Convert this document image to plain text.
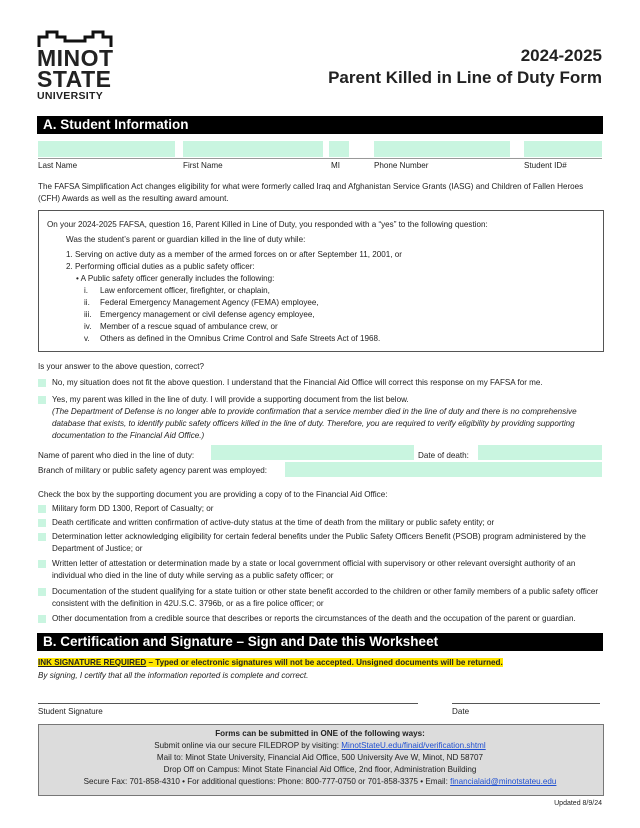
MINOT
STATE
UNIVERSITY
2024-2025
Parent Killed in Line of Duty Form
A. Student Information
Last Name	First Name	MI	Phone Number	Student ID#
The FAFSA Simplification Act changes eligibility for what were formerly called Iraq and Afghanistan Service Grants (IASG) and Children of Fallen Heroes (CFH) Awards as well as the resulting award amount.
On your 2024-2025 FAFSA, question 16, Parent Killed in Line of Duty, you responded with a “yes” to the following question:
Was the student’s parent or guardian killed in the line of duty while:
1. Serving on active duty as a member of the armed forces on or after September 11, 2001, or
2. Performing official duties as a public safety officer:
• A Public safety officer generally includes the following:
i.	Law enforcement officer, firefighter, or chaplain,
ii.	Federal Emergency Management Agency (FEMA) employee,
iii.	Emergency management or civil defense agency employee,
iv.	Member of a rescue squad of ambulance crew, or
v.	Others as defined in the Omnibus Crime Control and Safe Streets Act of 1968.
Is your answer to the above question, correct?
No, my situation does not fit the above question. I understand that the Financial Aid Office will correct this response on my FAFSA for me.
Yes, my parent was killed in the line of duty. I will provide a supporting document from the list below.
(The Department of Defense is no longer able to provide confirmation that a service member died in the line of duty and there is no comprehensive database that exists, to identify public safety officers killed in the line of duty. Therefore, you are required to verify eligibility by providing supporting documentation to the Financial Aid Office.)
Name of parent who died in the line of duty:	Date of death:
Branch of military or public safety agency parent was employed:
Check the box by the supporting document you are providing a copy of to the Financial Aid Office:
Military form DD 1300, Report of Casualty; or
Death certificate and written confirmation of active-duty status at the time of death from the military or public safety entity; or
Determination letter acknowledging eligibility for certain federal benefits under the Public Safety Officers Benefit (PSOB) program administered by the Department of Justice; or
Written letter of attestation or determination made by a state or local government official with supervisory or other relevant oversight authority of an individual who died in the line of duty while serving as a public safety officer; or
Documentation of the student qualifying for a state tuition or other state benefit accorded to the children or other family members of a public safety officer consistent with the definition in 42U.S.C. 3796b, or as a fire police officer; or
Other documentation from a credible source that describes or reports the circumstances of the death and the occupation of the parent or guardian.
B. Certification and Signature – Sign and Date this Worksheet
INK SIGNATURE REQUIRED – Typed or electronic signatures will not be accepted. Unsigned documents will be returned.
By signing, I certify that all the information reported is complete and correct.
Student Signature	Date
Forms can be submitted in ONE of the following ways:
Submit online via our secure FILEDROP by visiting: MinotStateU.edu/finaid/verification.shtml
Mail to: Minot State University, Financial Aid Office, 500 University Ave W, Minot, ND 58707
Drop Off on Campus: Minot State Financial Aid Office, 2nd floor, Administration Building
Secure Fax: 701-858-4310 • For additional questions: Phone: 800-777-0750 or 701-858-3375 • Email: financialaid@minotstateu.edu
Updated 8/9/24
